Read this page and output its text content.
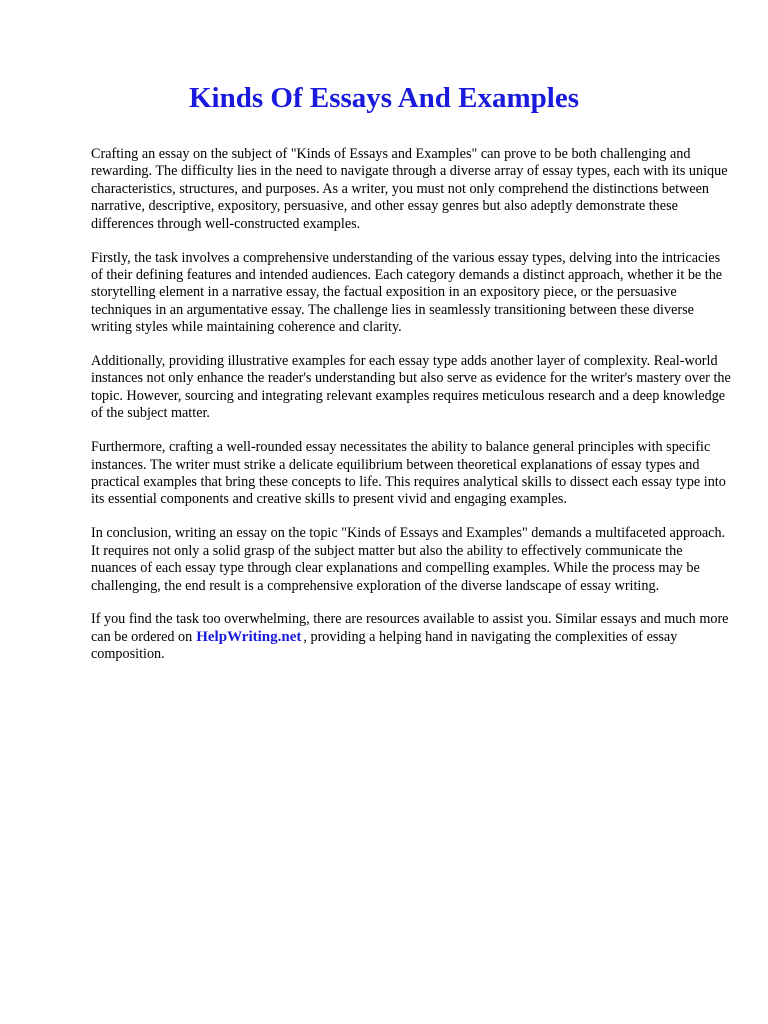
Kinds Of Essays And Examples

Crafting an essay on the subject of "Kinds of Essays and Examples" can prove to be both challenging and rewarding. The difficulty lies in the need to navigate through a diverse array of essay types, each with its unique characteristics, structures, and purposes. As a writer, you must not only comprehend the distinctions between narrative, descriptive, expository, persuasive, and other essay genres but also adeptly demonstrate these differences through well-constructed examples.

Firstly, the task involves a comprehensive understanding of the various essay types, delving into the intricacies of their defining features and intended audiences. Each category demands a distinct approach, whether it be the storytelling element in a narrative essay, the factual exposition in an expository piece, or the persuasive techniques in an argumentative essay. The challenge lies in seamlessly transitioning between these diverse writing styles while maintaining coherence and clarity.

Additionally, providing illustrative examples for each essay type adds another layer of complexity. Real-world instances not only enhance the reader's understanding but also serve as evidence for the writer's mastery over the topic. However, sourcing and integrating relevant examples requires meticulous research and a deep knowledge of the subject matter.

Furthermore, crafting a well-rounded essay necessitates the ability to balance general principles with specific instances. The writer must strike a delicate equilibrium between theoretical explanations of essay types and practical examples that bring these concepts to life. This requires analytical skills to dissect each essay type into its essential components and creative skills to present vivid and engaging examples.

In conclusion, writing an essay on the topic "Kinds of Essays and Examples" demands a multifaceted approach. It requires not only a solid grasp of the subject matter but also the ability to effectively communicate the nuances of each essay type through clear explanations and compelling examples. While the process may be challenging, the end result is a comprehensive exploration of the diverse landscape of essay writing.

If you find the task too overwhelming, there are resources available to assist you. Similar essays and much more can be ordered on HelpWriting.net , providing a helping hand in navigating the complexities of essay composition.
